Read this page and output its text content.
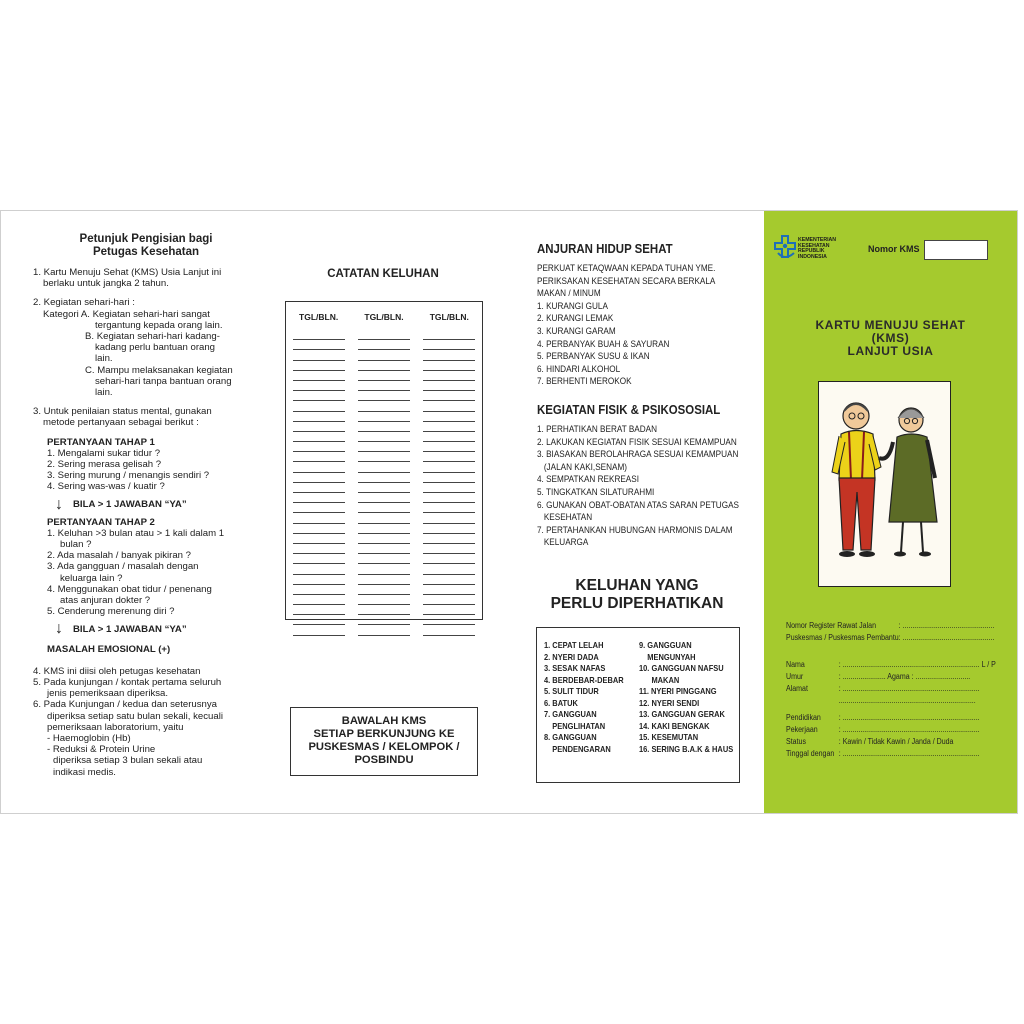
Petunjuk Pengisian bagi
Petugas Kesehatan
1. Kartu Menuju Sehat (KMS) Usia Lanjut ini
berlaku untuk jangka 2 tahun.
2. Kegiatan sehari-hari :
Kategori A. Kegiatan sehari-hari sangat
tergantung kepada orang lain.
B. Kegiatan sehari-hari kadang-
kadang perlu bantuan orang
lain.
C. Mampu melaksanakan kegiatan
sehari-hari tanpa bantuan orang
lain.
3. Untuk penilaian status mental, gunakan
metode pertanyaan sebagai berikut :
PERTANYAAN TAHAP 1
1. Mengalami sukar tidur ?
2. Sering merasa gelisah ?
3. Sering murung / menangis sendiri ?
4. Sering was-was / kuatir ?
↓	BILA > 1 JAWABAN “YA”
PERTANYAAN TAHAP 2
1. Keluhan >3 bulan atau > 1 kali dalam 1
bulan ?
2. Ada masalah / banyak pikiran ?
3. Ada gangguan / masalah dengan
keluarga lain ?
4. Menggunakan obat tidur / penenang
atas anjuran dokter ?
5. Cenderung merenung diri ?
↓	BILA > 1 JAWABAN “YA”
MASALAH EMOSIONAL (+)
4. KMS ini diisi oleh petugas kesehatan
5. Pada kunjungan / kontak pertama seluruh
jenis pemeriksaan diperiksa.
6. Pada Kunjungan / kedua dan seterusnya
diperiksa setiap satu bulan sekali, kecuali
pemeriksaan laboratorium, yaitu
- Haemoglobin (Hb)
- Reduksi & Protein Urine
diperiksa setiap 3 bulan sekali atau
indikasi medis.
CATATAN KELUHAN
TGL/BLN.	TGL/BLN.	TGL/BLN.
BAWALAH KMS
SETIAP BERKUNJUNG KE
PUSKESMAS / KELOMPOK /
POSBINDU
ANJURAN HIDUP SEHAT
PERKUAT KETAQWAAN KEPADA TUHAN YME.
PERIKSAKAN KESEHATAN SECARA BERKALA
MAKAN / MINUM
1. KURANGI GULA
2. KURANGI LEMAK
3. KURANGI GARAM
4. PERBANYAK BUAH & SAYURAN
5. PERBANYAK SUSU & IKAN
6. HINDARI ALKOHOL
7. BERHENTI MEROKOK
KEGIATAN FISIK & PSIKOSOSIAL
1. PERHATIKAN BERAT BADAN
2. LAKUKAN KEGIATAN FISIK SESUAI KEMAMPUAN
3. BIASAKAN BEROLAHRAGA SESUAI KEMAMPUAN
(JALAN KAKI,SENAM)
4. SEMPATKAN REKREASI
5. TINGKATKAN SILATURAHMI
6. GUNAKAN OBAT-OBATAN ATAS SARAN PETUGAS
KESEHATAN
7. PERTAHANKAN HUBUNGAN HARMONIS DALAM
KELUARGA
KELUHAN YANG
PERLU DIPERHATIKAN
1. CEPAT LELAH
2. NYERI DADA
3. SESAK NAFAS
4. BERDEBAR-DEBAR
5. SULIT TIDUR
6. BATUK
7. GANGGUAN
PENGLIHATAN
8. GANGGUAN
PENDENGARAN
9. GANGGUAN
MENGUNYAH
10. GANGGUAN NAFSU
MAKAN
11. NYERI PINGGANG
12. NYERI SENDI
13. GANGGUAN GERAK
14. KAKI BENGKAK
15. KESEMUTAN
16. SERING B.A.K & HAUS
KEMENTERIAN
KESEHATAN
REPUBLIK
INDONESIA
Nomor KMS
KARTU MENUJU SEHAT
(KMS)
LANJUT USIA
Nomor Register Rawat Jalan	: ...............................................
Puskesmas / Puskesmas Pembantu : ...............................................
Nama	: ...................................................................... L / P
Umur	: ...................... Agama : ............................
Alamat	: ......................................................................
......................................................................
Pendidikan : ......................................................................
Pekerjaan	: ......................................................................
Status	: Kawin / Tidak Kawin / Janda / Duda
Tinggal dengan : ......................................................................
